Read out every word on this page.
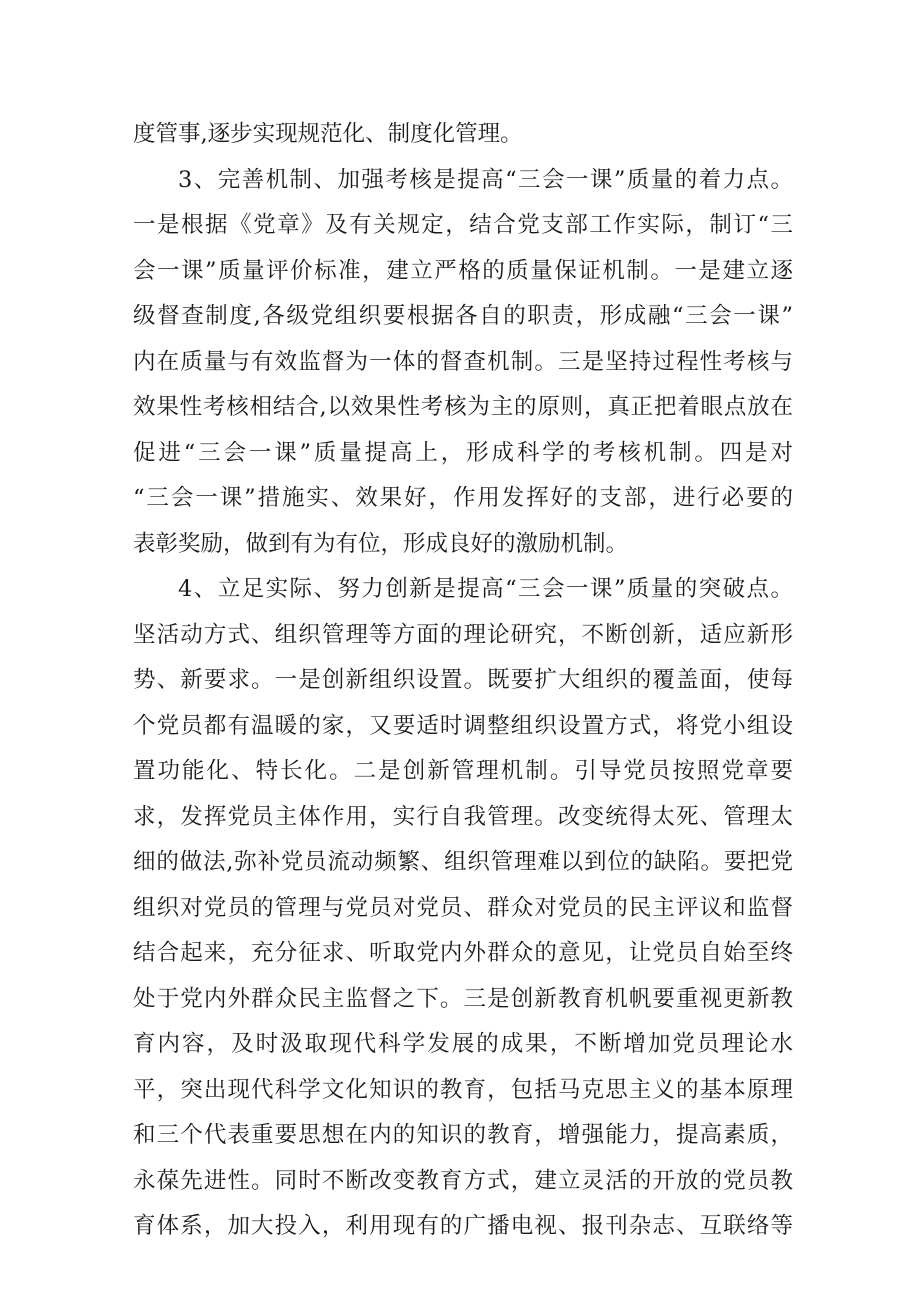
度管事,逐步实现规范化、制度化管理。
3、完善机制、加强考核是提高“三会一课”质量的着力点。
一是根据《党章》及有关规定，结合党支部工作实际，制订“三
会一课”质量评价标准，建立严格的质量保证机制。一是建立逐
级督查制度,各级党组织要根据各自的职责，形成融“三会一课”
内在质量与有效监督为一体的督查机制。三是坚持过程性考核与
效果性考核相结合,以效果性考核为主的原则，真正把着眼点放在
促进“三会一课”质量提高上，形成科学的考核机制。四是对
“三会一课”措施实、效果好，作用发挥好的支部，进行必要的
表彰奖励，做到有为有位，形成良好的激励机制。
4、立足实际、努力创新是提高“三会一课”质量的突破点。
坚活动方式、组织管理等方面的理论研究，不断创新，适应新形
势、新要求。一是创新组织设置。既要扩大组织的覆盖面，使每
个党员都有温暖的家，又要适时调整组织设置方式，将党小组设
置功能化、特长化。二是创新管理机制。引导党员按照党章要
求，发挥党员主体作用，实行自我管理。改变统得太死、管理太
细的做法,弥补党员流动频繁、组织管理难以到位的缺陷。要把党
组织对党员的管理与党员对党员、群众对党员的民主评议和监督
结合起来，充分征求、听取党内外群众的意见，让党员自始至终
处于党内外群众民主监督之下。三是创新教育机帆要重视更新教
育内容，及时汲取现代科学发展的成果，不断增加党员理论水
平，突出现代科学文化知识的教育，包括马克思主义的基本原理
和三个代表重要思想在内的知识的教育，增强能力，提高素质，
永葆先进性。同时不断改变教育方式，建立灵活的开放的党员教
育体系，加大投入，利用现有的广播电视、报刊杂志、互联络等
